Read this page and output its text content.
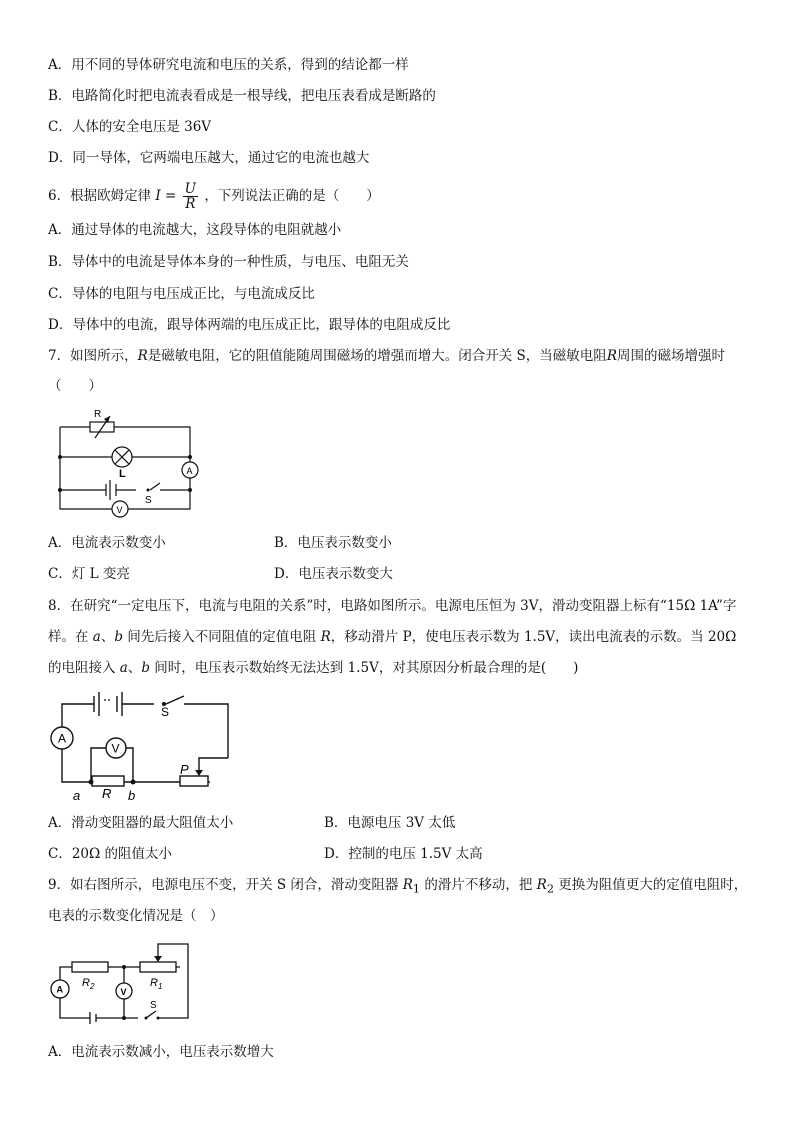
A．用不同的导体研究电流和电压的关系，得到的结论都一样
B．电路简化时把电流表看成是一根导线，把电压表看成是断路的
C．人体的安全电压是 36V
D．同一导体，它两端电压越大，通过它的电流也越大
6．根据欧姆定律 $I = \frac{U}{R}$ ，下列说法正确的是（　　）
A．通过导体的电流越大，这段导体的电阻就越小
B．导体中的电流是导体本身的一种性质，与电压、电阻无关
C．导体的电阻与电压成正比，与电流成反比
D．导体中的电流，跟导体两端的电压成正比，跟导体的电阻成反比
7．如图所示，R是磁敏电阻，它的阻值能随周围磁场的增强而增大。闭合开关 S，当磁敏电阻R周围的磁场增强时
（　　）
R
L	A
S
V
A．电流表示数变小	B．电压表示数变小
C．灯 L 变亮	D．电压表示数变大
8．在研究“一定电压下，电流与电阻的关系”时，电路如图所示。电源电压恒为 3V，滑动变阻器上标有“15Ω 1A”字
样。在 a、b 间先后接入不同阻值的定值电阻 R，移动滑片 P，使电压表示数为 1.5V，读出电流表的示数。当 20Ω
的电阻接入 a、b 间时，电压表示数始终无法达到 1.5V，对其原因分析最合理的是(　　)
S
A
V
P
R
a	b
A．滑动变阻器的最大阻值太小	B．电源电压 3V 太低
C．20Ω 的阻值太小	D．控制的电压 1.5V 太高
9．如右图所示，电源电压不变，开关 S 闭合，滑动变阻器 $R_1$ 的滑片不移动，把 $R_2$ 更换为阻值更大的定值电阻时，
电表的示数变化情况是（　）
$R_2$	$R_1$
A	V
S
A．电流表示数减小，电压表示数增大
